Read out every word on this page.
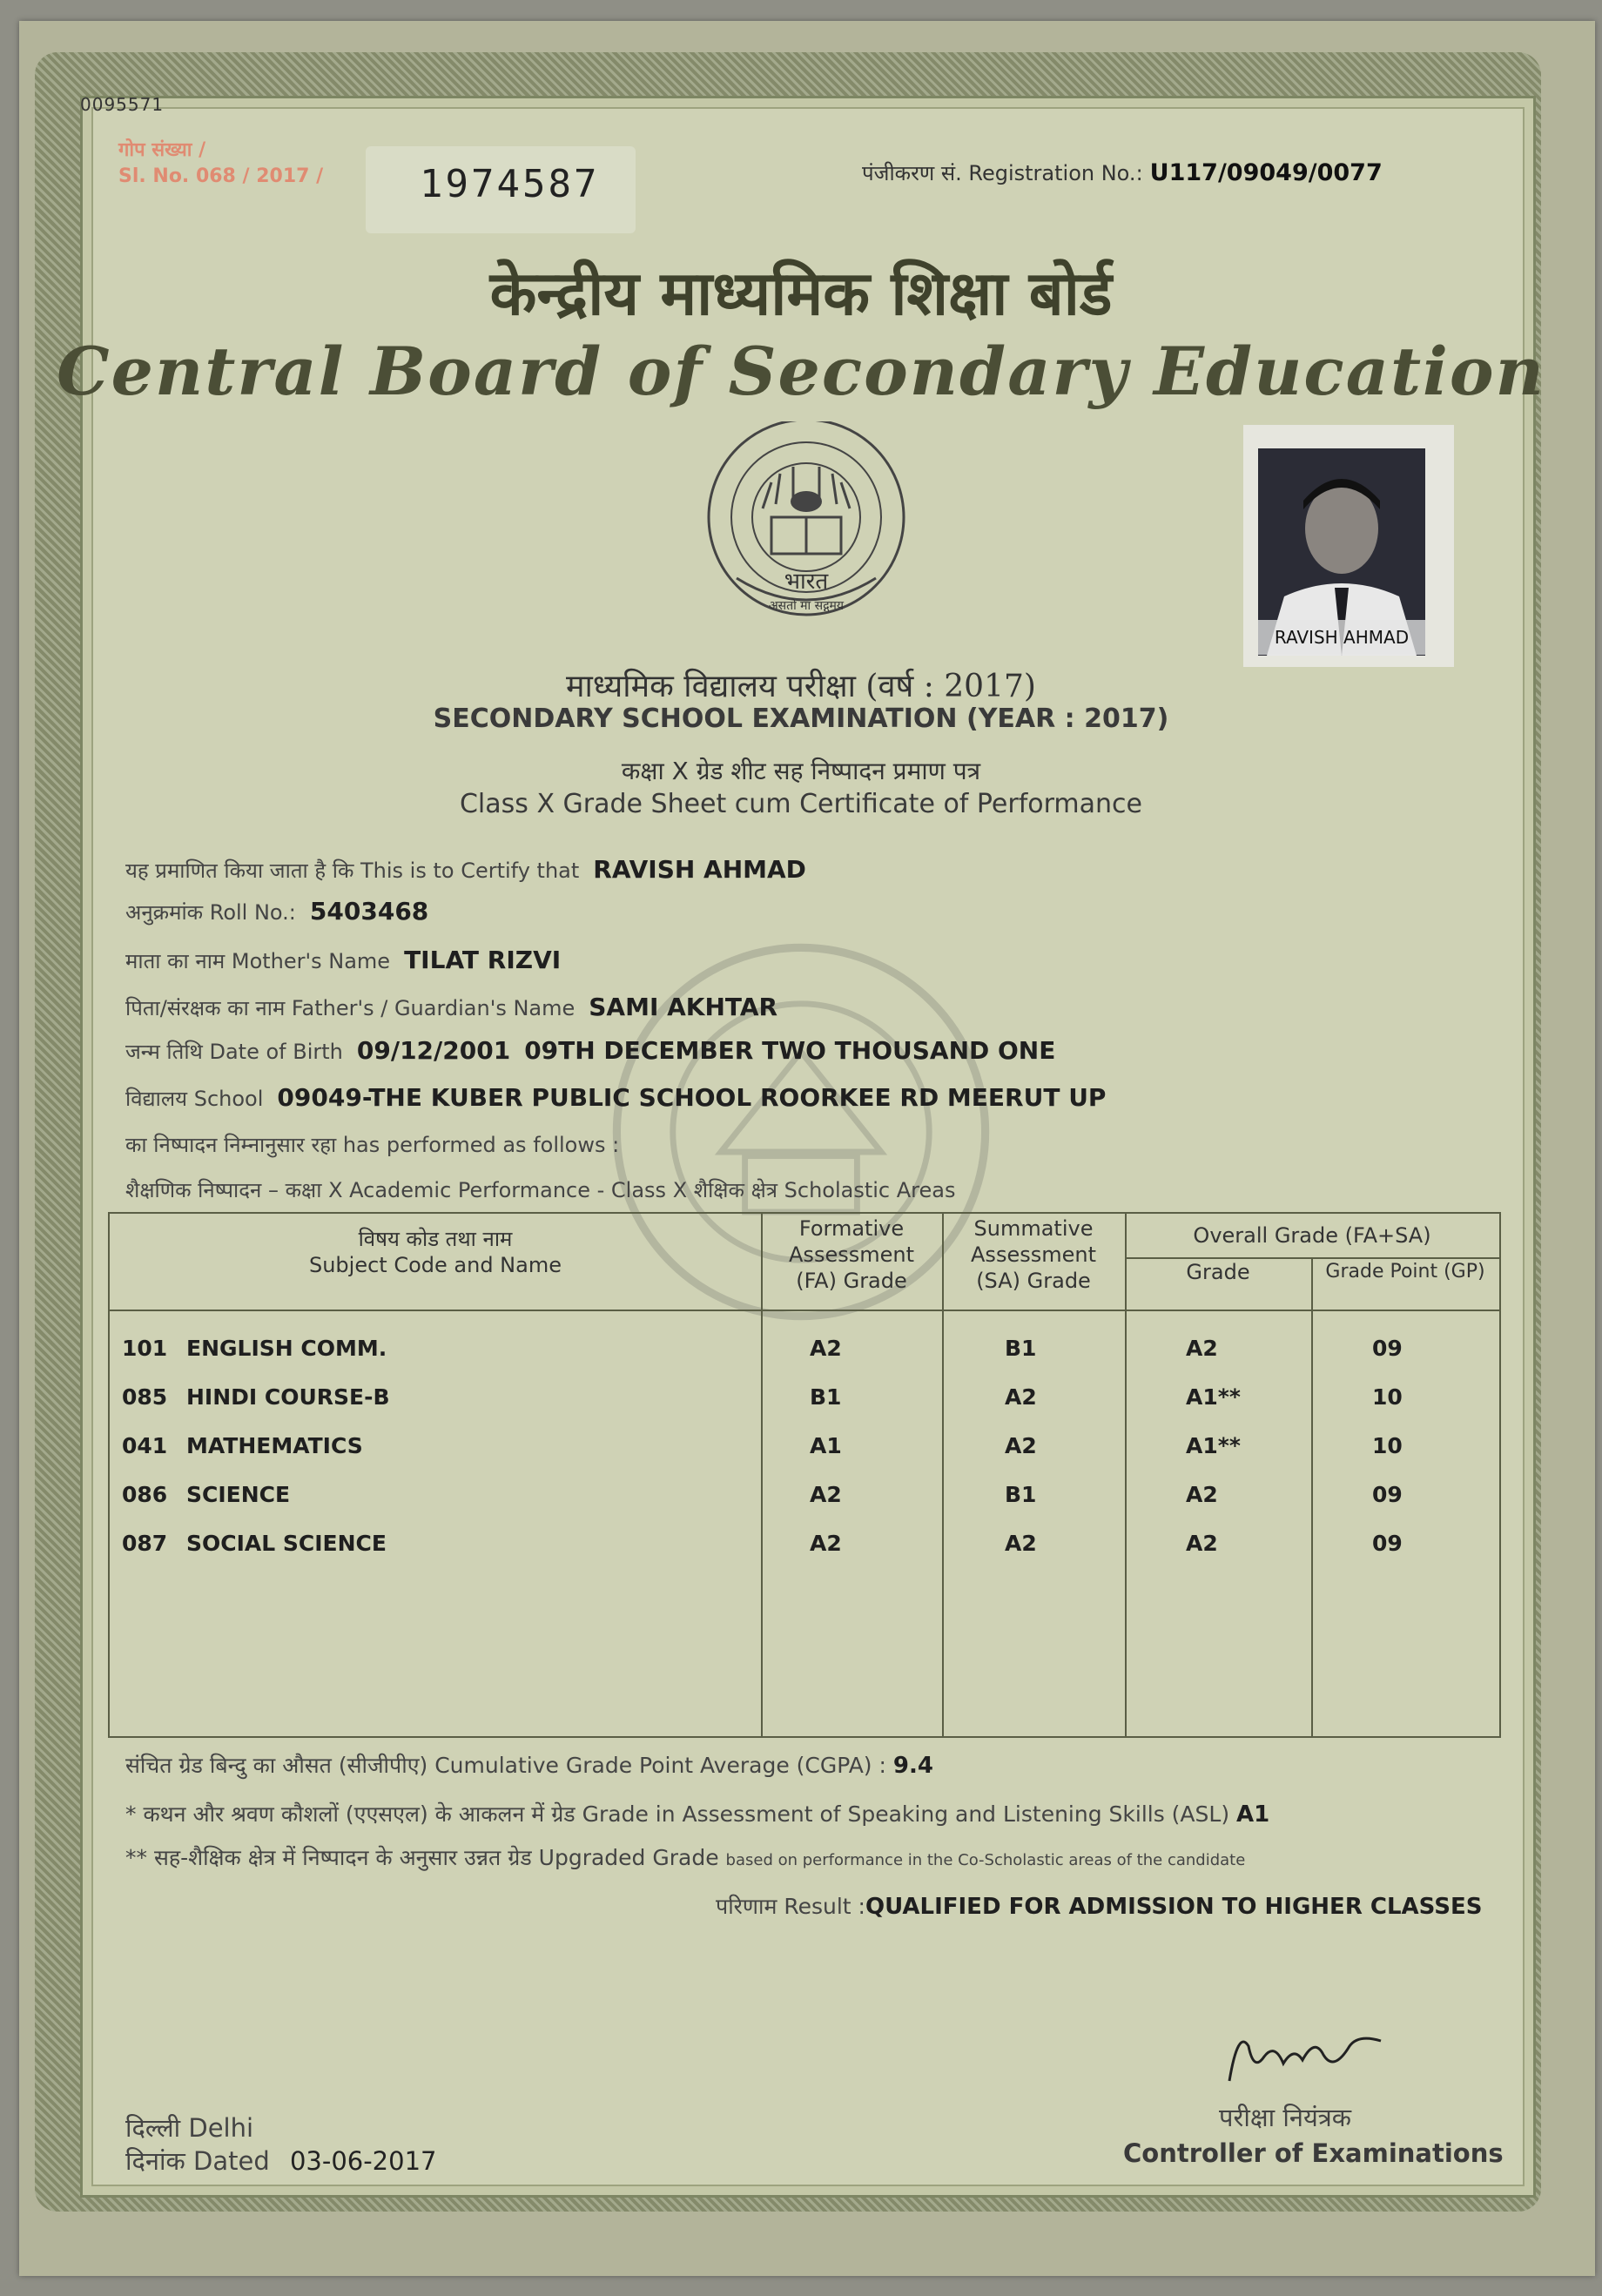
0095571
गोप संख्या /
Sl. No. 068 / 2017 /	1974587	पंजीकरण सं. Registration No.: U117/09049/0077
केन्द्रीय माध्यमिक शिक्षा बोर्ड
Central Board of Secondary Education
भारत
असतो मा सद्गमय
RAVISH AHMAD
माध्यमिक विद्यालय परीक्षा (वर्ष : 2017)
SECONDARY SCHOOL EXAMINATION (YEAR : 2017)
कक्षा X ग्रेड शीट सह निष्पादन प्रमाण पत्र
Class X Grade Sheet cum Certificate of Performance
यह प्रमाणित किया जाता है कि This is to Certify that RAVISH AHMAD
अनुक्रमांक Roll No.: 5403468
माता का नाम Mother's Name TILAT RIZVI
पिता/संरक्षक का नाम Father's / Guardian's Name SAMI AKHTAR
जन्म तिथि Date of Birth 09/12/2001 09TH DECEMBER TWO THOUSAND ONE
विद्यालय School 09049-THE KUBER PUBLIC SCHOOL ROORKEE RD MEERUT UP
का निष्पादन निम्नानुसार रहा has performed as follows :
शैक्षणिक निष्पादन – कक्षा X Academic Performance - Class X शैक्षिक क्षेत्र Scholastic Areas
विषय कोड तथा नाम
Subject Code and Name
Formative
Assessment
(FA) Grade
Summative
Assessment
(SA) Grade
Overall Grade (FA+SA)
Grade	Grade Point (GP)
101 ENGLISH COMM.	A2	B1	A2	09
085 HINDI COURSE-B	B1	A2	A1**	10
041 MATHEMATICS	A1	A2	A1**	10
086 SCIENCE	A2	B1	A2	09
087 SOCIAL SCIENCE	A2	A2	A2	09
संचित ग्रेड बिन्दु का औसत (सीजीपीए) Cumulative Grade Point Average (CGPA) : 9.4
* कथन और श्रवण कौशलों (एएसएल) के आकलन में ग्रेड Grade in Assessment of Speaking and Listening Skills (ASL) A1
** सह-शैक्षिक क्षेत्र में निष्पादन के अनुसार उन्नत ग्रेड Upgraded Grade based on performance in the Co-Scholastic areas of the candidate
परिणाम Result :QUALIFIED FOR ADMISSION TO HIGHER CLASSES
दिल्ली Delhi
दिनांक Dated 03-06-2017
परीक्षा नियंत्रक
Controller of Examinations
